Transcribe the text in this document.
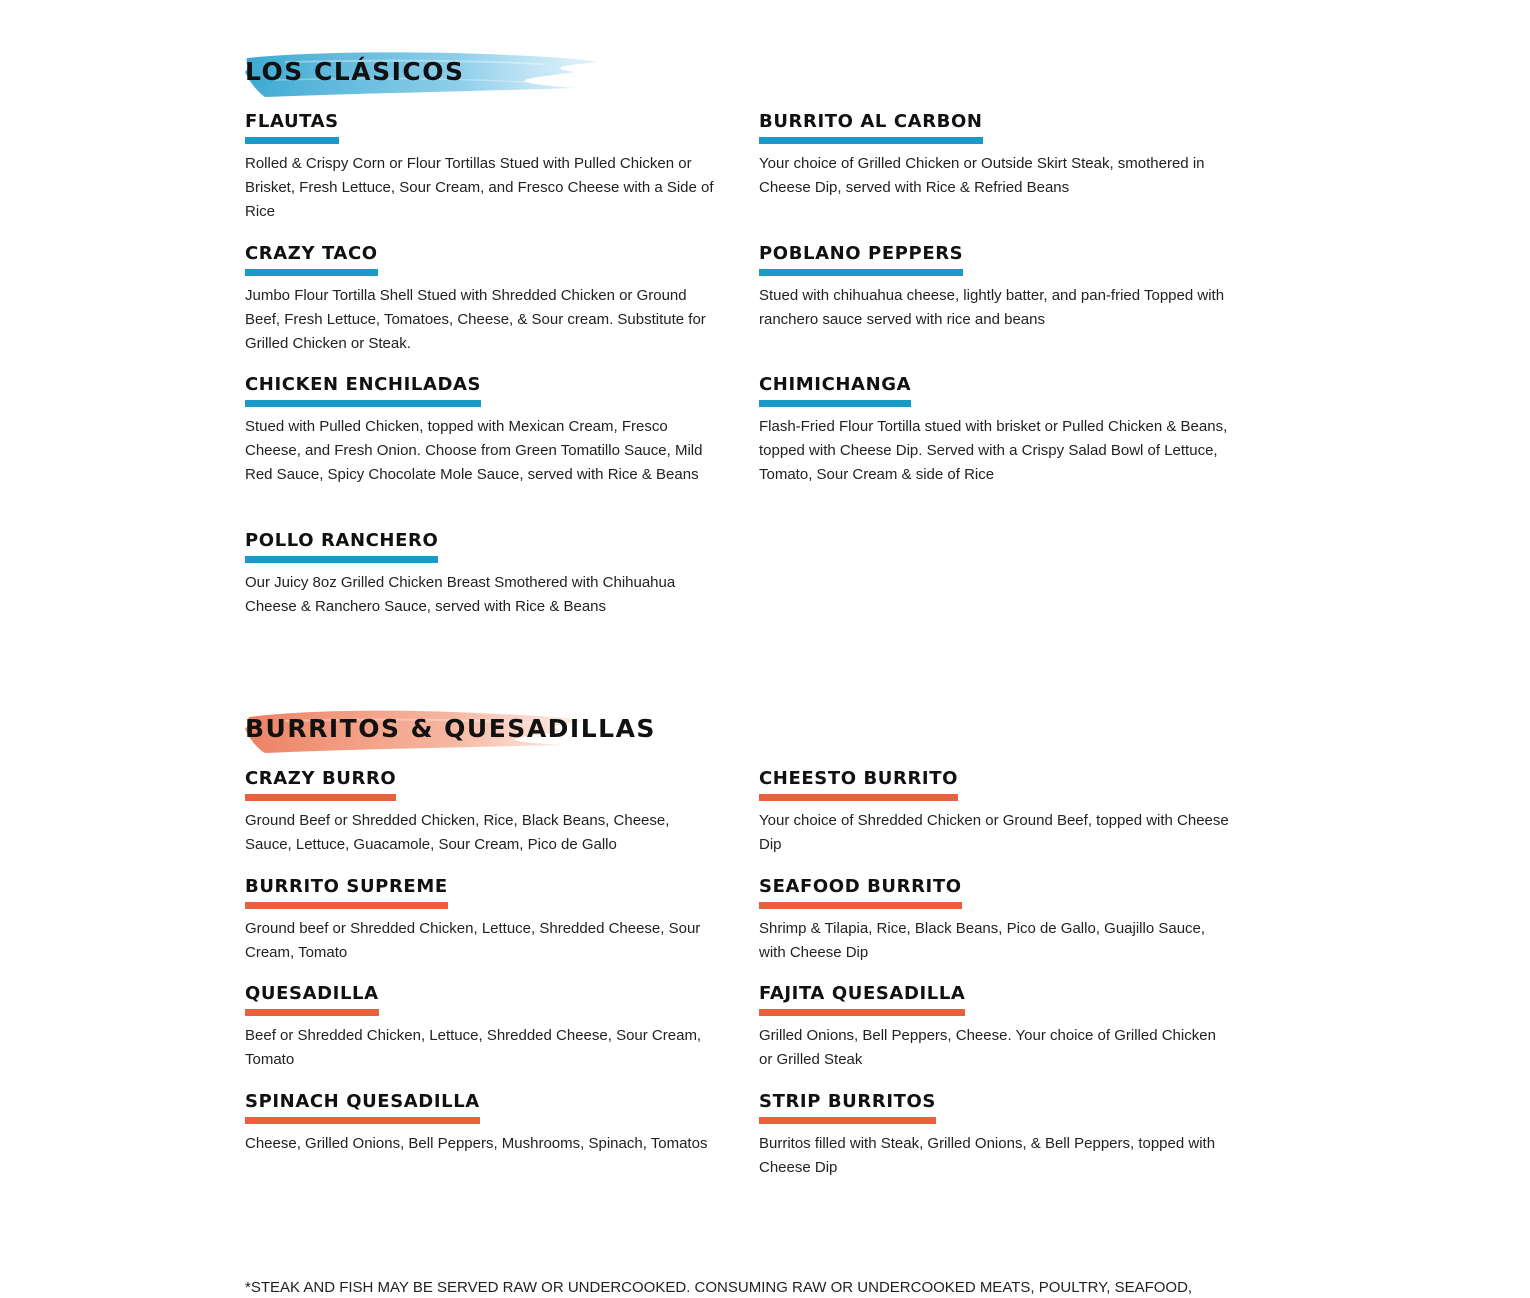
LOS CLÁSICOS
FLAUTAS

Rolled & Crispy Corn or Flour Tortillas Stued with Pulled Chicken or Brisket, Fresh Lettuce, Sour Cream, and Fresco Cheese with a Side of Rice

CRAZY TACO

Jumbo Flour Tortilla Shell Stued with Shredded Chicken or Ground Beef, Fresh Lettuce, Tomatoes, Cheese, & Sour cream. Substitute for Grilled Chicken or Steak.

CHICKEN ENCHILADAS

Stued with Pulled Chicken, topped with Mexican Cream, Fresco Cheese, and Fresh Onion. Choose from Green Tomatillo Sauce, Mild Red Sauce, Spicy Chocolate Mole Sauce, served with Rice & Beans

POLLO RANCHERO

Our Juicy 8oz Grilled Chicken Breast Smothered with Chihuahua Cheese & Ranchero Sauce, served with Rice & Beans

BURRITO AL CARBON

Your choice of Grilled Chicken or Outside Skirt Steak, smothered in Cheese Dip, served with Rice & Refried Beans

POBLANO PEPPERS

Stued with chihuahua cheese, lightly batter, and pan-fried Topped with ranchero sauce served with rice and beans

CHIMICHANGA

Flash-Fried Flour Tortilla stued with brisket or Pulled Chicken & Beans, topped with Cheese Dip. Served with a Crispy Salad Bowl of Lettuce, Tomato, Sour Cream & side of Rice

BURRITOS & QUESADILLAS
CRAZY BURRO

Ground Beef or Shredded Chicken, Rice, Black Beans, Cheese, Sauce, Lettuce, Guacamole, Sour Cream, Pico de Gallo

BURRITO SUPREME

Ground beef or Shredded Chicken, Lettuce, Shredded Cheese, Sour Cream, Tomato

QUESADILLA

Beef or Shredded Chicken, Lettuce, Shredded Cheese, Sour Cream, Tomato

SPINACH QUESADILLA

Cheese, Grilled Onions, Bell Peppers, Mushrooms, Spinach, Tomatos

CHEESTO BURRITO

Your choice of Shredded Chicken or Ground Beef, topped with Cheese Dip

SEAFOOD BURRITO

Shrimp & Tilapia, Rice, Black Beans, Pico de Gallo, Guajillo Sauce, with Cheese Dip

FAJITA QUESADILLA

Grilled Onions, Bell Peppers, Cheese. Your choice of Grilled Chicken or Grilled Steak

STRIP BURRITOS

Burritos filled with Steak, Grilled Onions, & Bell Peppers, topped with Cheese Dip

*STEAK AND FISH MAY BE SERVED RAW OR UNDERCOOKED. CONSUMING RAW OR UNDERCOOKED MEATS, POULTRY, SEAFOOD,
